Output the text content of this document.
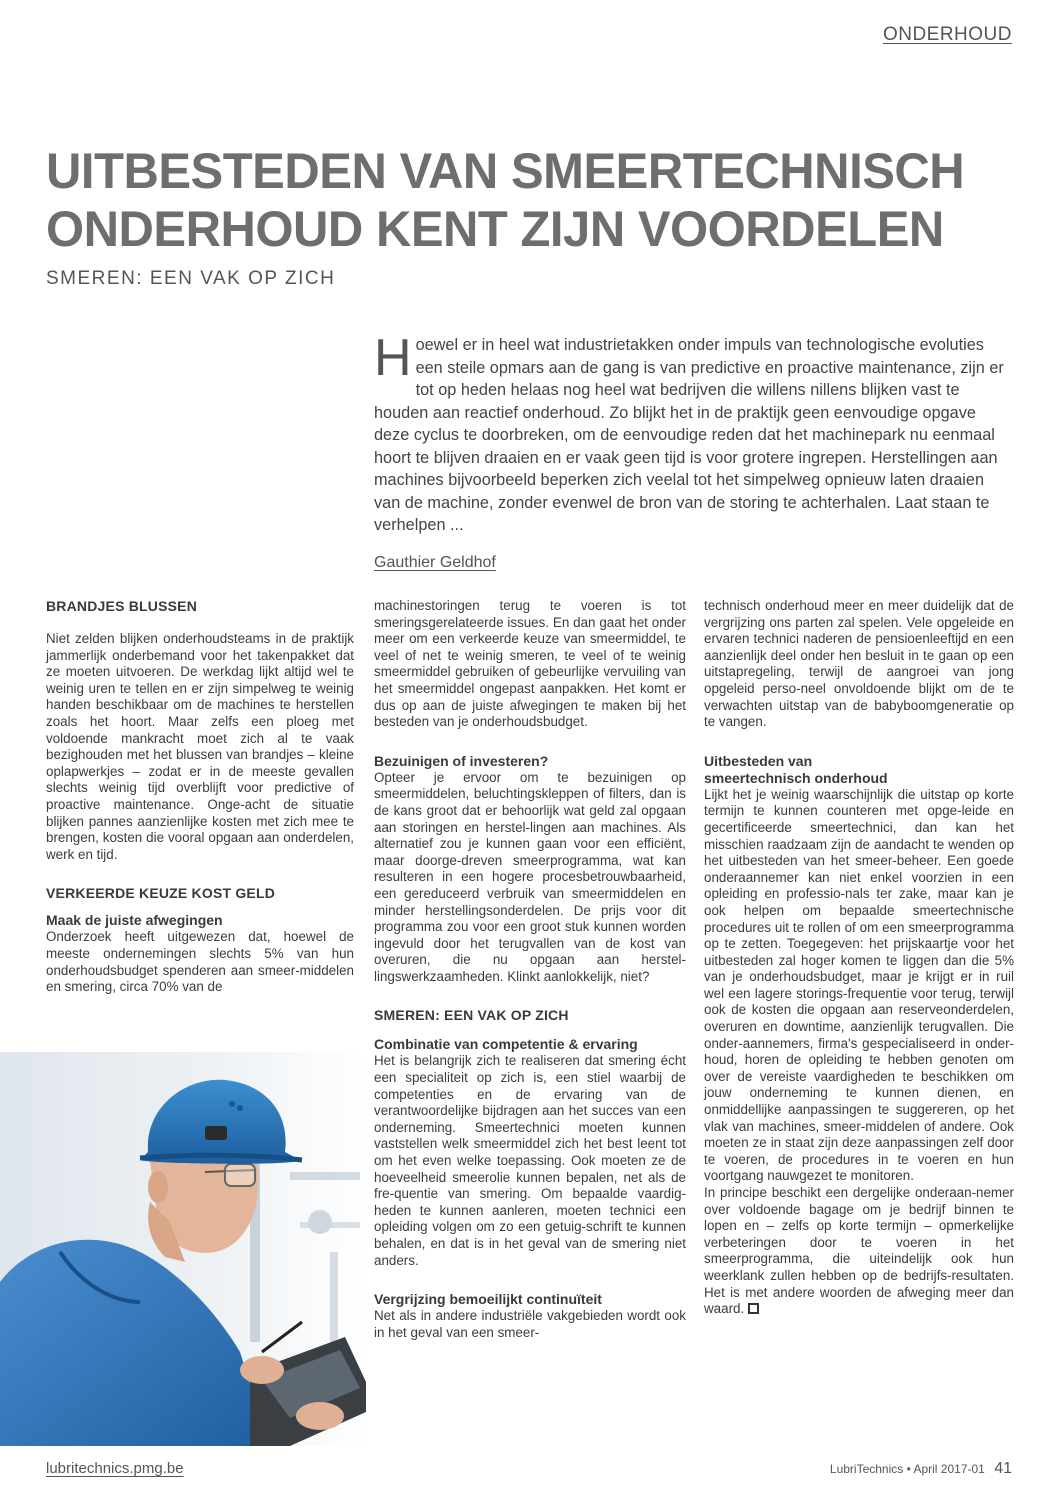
ONDERHOUD
UITBESTEDEN VAN SMEERTECHNISCH
ONDERHOUD KENT ZIJN VOORDELEN
SMEREN: EEN VAK OP ZICH
Hoewel er in heel wat industrietakken onder impuls van technologische evoluties een steile opmars aan de gang is van predictive en proactive maintenance, zijn er tot op heden helaas nog heel wat bedrijven die willens nillens blijken vast te houden aan reactief onderhoud. Zo blijkt het in de praktijk geen eenvoudige opgave deze cyclus te doorbreken, om de eenvoudige reden dat het machinepark nu eenmaal hoort te blijven draaien en er vaak geen tijd is voor grotere ingrepen. Herstellingen aan machines bijvoorbeeld beperken zich veelal tot het simpelweg opnieuw laten draaien van de machine, zonder evenwel de bron van de storing te achterhalen. Laat staan te verhelpen ...
Gauthier Geldhof
BRANDJES BLUSSEN

Niet zelden blijken onderhoudsteams in de praktijk jammerlijk onderbemand voor het takenpakket dat ze moeten uitvoeren. De werkdag lijkt altijd wel te weinig uren te tellen en er zijn simpelweg te weinig handen beschikbaar om de machines te herstellen zoals het hoort. Maar zelfs een ploeg met voldoende mankracht moet zich al te vaak bezighouden met het blussen van brandjes – kleine oplapwerkjes – zodat er in de meeste gevallen slechts weinig tijd overblijft voor predictive of proactive maintenance. Onge-acht de situatie blijken pannes aanzienlijke kosten met zich mee te brengen, kosten die vooral opgaan aan onderdelen, werk en tijd.

VERKEERDE KEUZE KOST GELD
Maak de juiste afwegingen

Onderzoek heeft uitgewezen dat, hoewel de meeste ondernemingen slechts 5% van hun onderhoudsbudget spenderen aan smeer-middelen en smering, circa 70% van de

machinestoringen terug te voeren is tot smeringsgerelateerde issues. En dan gaat het onder meer om een verkeerde keuze van smeermiddel, te veel of net te weinig smeren, te veel of te weinig smeermiddel gebruiken of gebeurlijke vervuiling van het smeermiddel ongepast aanpakken. Het komt er dus op aan de juiste afwegingen te maken bij het besteden van je onderhoudsbudget.

Bezuinigen of investeren?

Opteer je ervoor om te bezuinigen op smeermiddelen, beluchtingskleppen of filters, dan is de kans groot dat er behoorlijk wat geld zal opgaan aan storingen en herstel-lingen aan machines. Als alternatief zou je kunnen gaan voor een efficiënt, maar doorge-dreven smeerprogramma, wat kan resulteren in een hogere procesbetrouwbaarheid, een gereduceerd verbruik van smeermiddelen en minder herstellingsonderdelen. De prijs voor dit programma zou voor een groot stuk kunnen worden ingevuld door het terugvallen van de kost van overuren, die nu opgaan aan herstel-lingswerkzaamheden. Klinkt aanlokkelijk, niet?

SMEREN: EEN VAK OP ZICH
Combinatie van competentie & ervaring

Het is belangrijk zich te realiseren dat smering écht een specialiteit op zich is, een stiel waarbij de competenties en de ervaring van de verantwoordelijke bijdragen aan het succes van een onderneming. Smeertechnici moeten kunnen vaststellen welk smeermiddel zich het best leent tot om het even welke toepassing. Ook moeten ze de hoeveelheid smeerolie kunnen bepalen, net als de fre-quentie van smering. Om bepaalde vaardig-heden te kunnen aanleren, moeten technici een opleiding volgen om zo een getuig-schrift te kunnen behalen, en dat is in het geval van de smering niet anders.

Vergrijzing bemoeilijkt continuïteit

Net als in andere industriële vakgebieden wordt ook in het geval van een smeer-

technisch onderhoud meer en meer duidelijk dat de vergrijzing ons parten zal spelen. Vele opgeleide en ervaren technici naderen de pensioenleeftijd en een aanzienlijk deel onder hen besluit in te gaan op een uitstapregeling, terwijl de aangroei van jong opgeleid perso-neel onvoldoende blijkt om de te verwachten uitstap van de babyboomgeneratie op te vangen.

Uitbesteden van
smeertechnisch onderhoud

Lijkt het je weinig waarschijnlijk die uitstap op korte termijn te kunnen counteren met opge-leide en gecertificeerde smeertechnici, dan kan het misschien raadzaam zijn de aandacht te wenden op het uitbesteden van het smeer-beheer. Een goede onderaannemer kan niet enkel voorzien in een opleiding en professio-nals ter zake, maar kan je ook helpen om bepaalde smeertechnische procedures uit te rollen of om een smeerprogramma op te zetten. Toegegeven: het prijskaartje voor het uitbesteden zal hoger komen te liggen dan die 5% van je onderhoudsbudget, maar je krijgt er in ruil wel een lagere storings-frequentie voor terug, terwijl ook de kosten die opgaan aan reserveonderdelen, overuren en downtime, aanzienlijk terugvallen. Die onder-aannemers, firma's gespecialiseerd in onder-houd, horen de opleiding te hebben genoten om over de vereiste vaardigheden te beschikken om jouw onderneming te kunnen dienen, en onmiddellijke aanpassingen te suggereren, op het vlak van machines, smeer-middelen of andere. Ook moeten ze in staat zijn deze aanpassingen zelf door te voeren, de procedures in te voeren en hun voortgang nauwgezet te monitoren.

In principe beschikt een dergelijke onderaan-nemer over voldoende bagage om je bedrijf binnen te lopen en – zelfs op korte termijn – opmerkelijke verbeteringen door te voeren in het smeerprogramma, die uiteindelijk ook hun weerklank zullen hebben op de bedrijfs-resultaten. Het is met andere woorden de afweging meer dan waard.

lubritechnics.pmg.be	LubriTechnics • April 2017-01 41
